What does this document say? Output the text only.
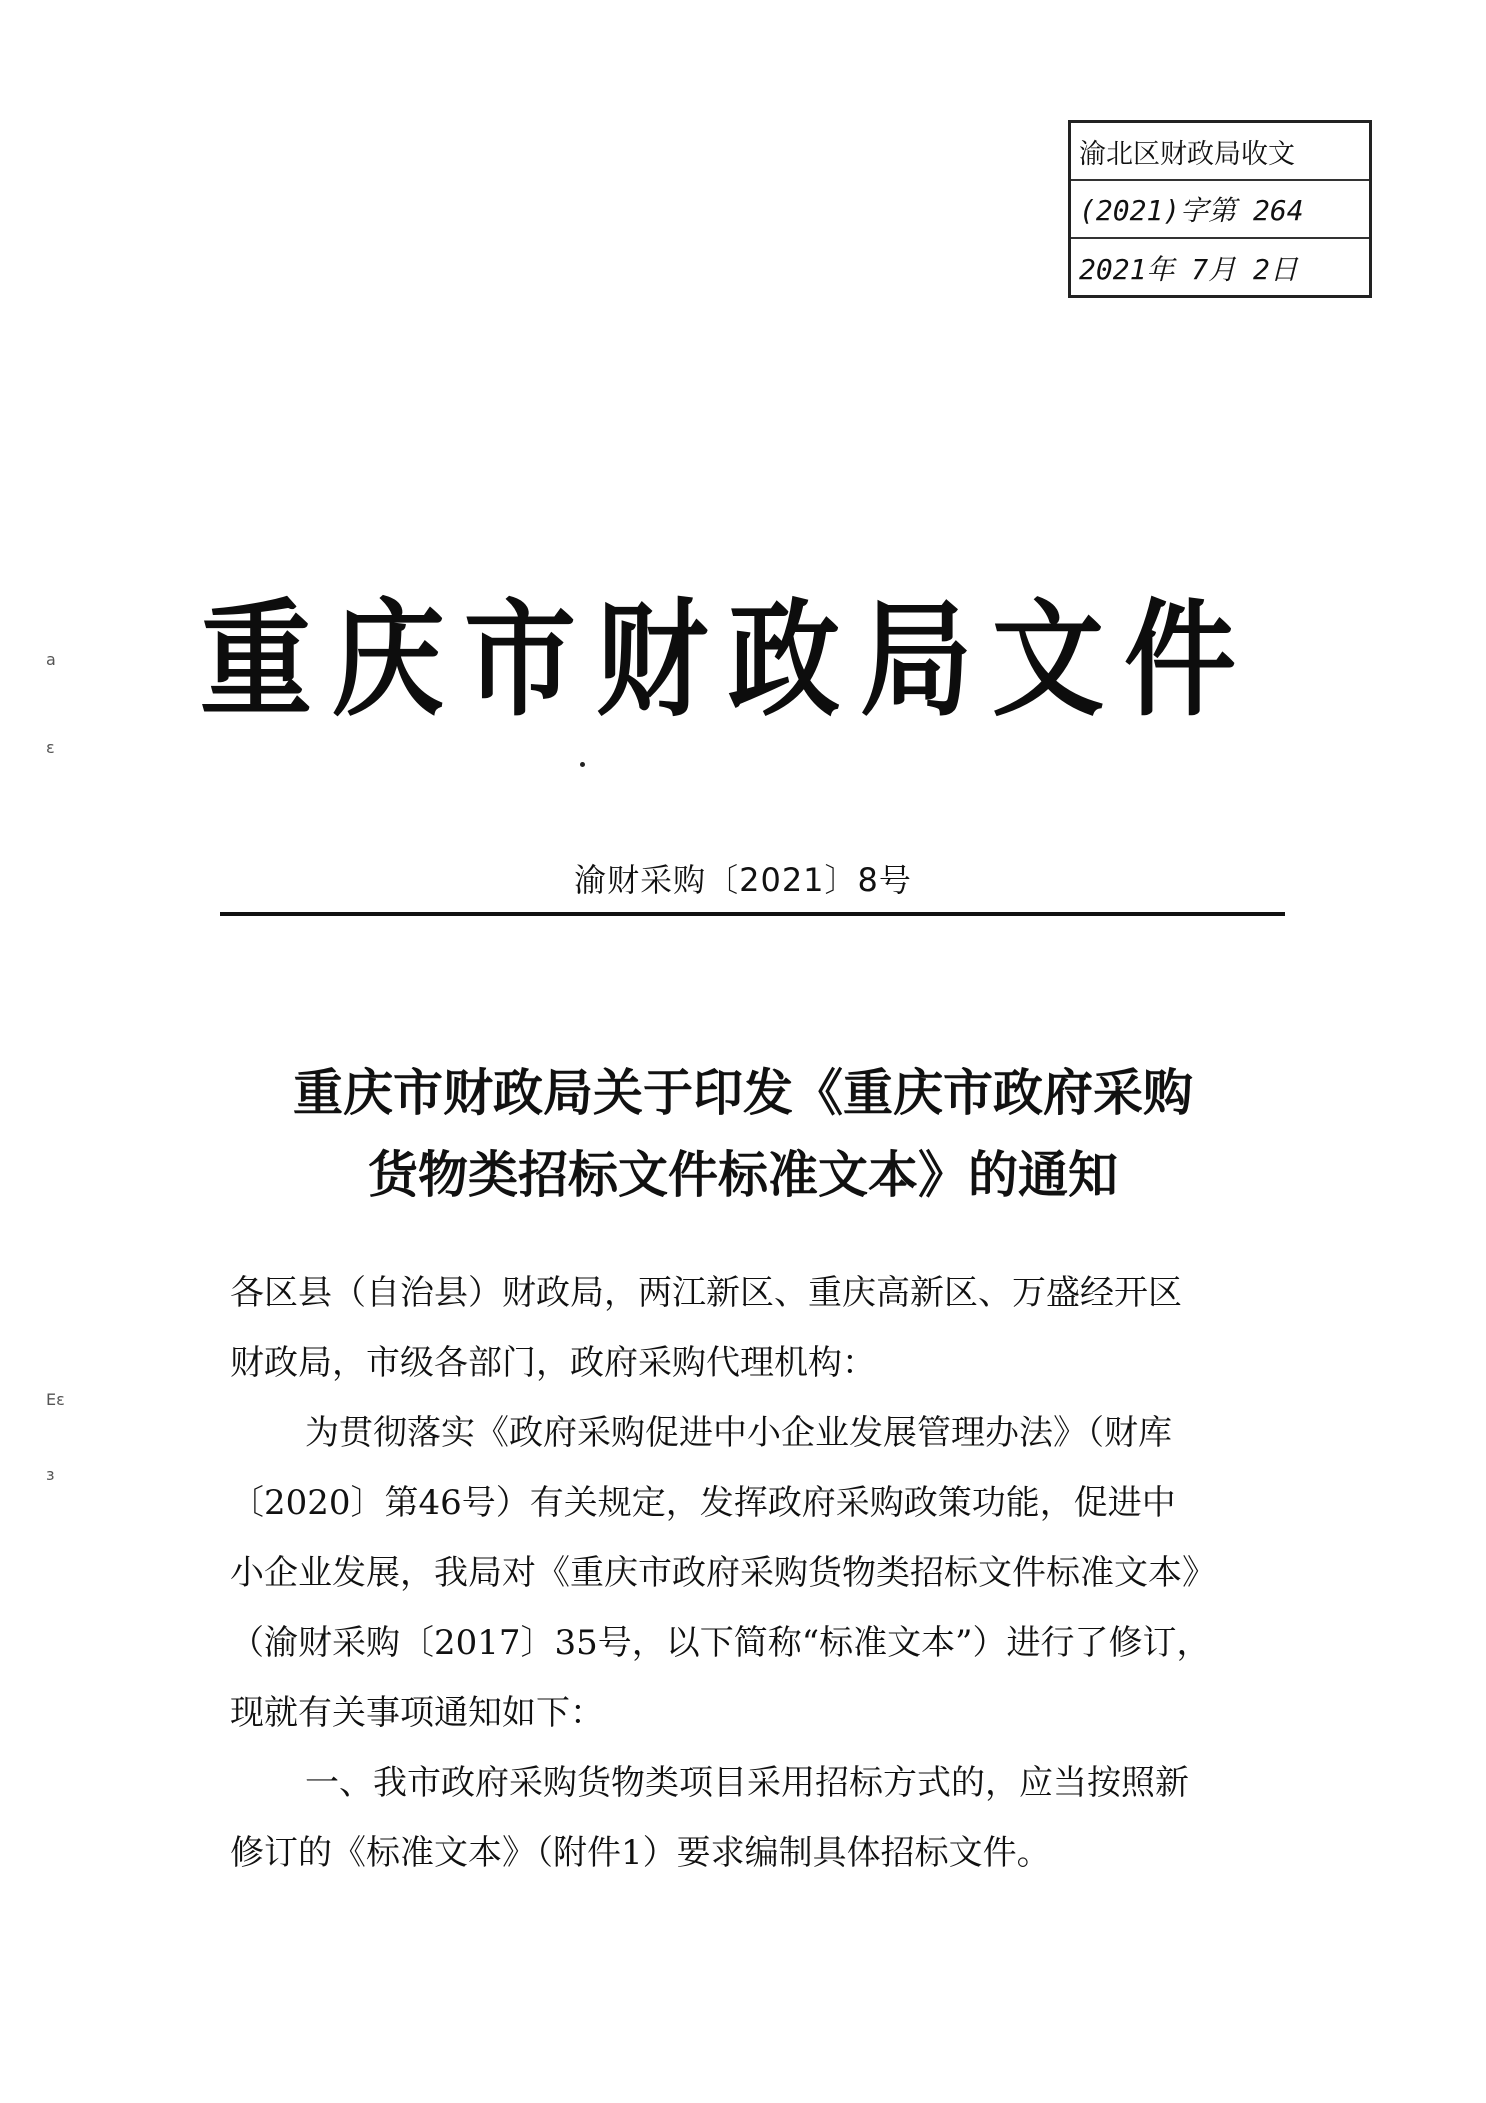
渝北区财政局收文
(2021)字第 264
2021年 7月 2日
a
ɛ
Eɛ
ɜ
重庆市财政局文件
渝财采购〔2021〕8号
重庆市财政局关于印发《重庆市政府采购
货物类招标文件标准文本》的通知
各区县（自治县）财政局，两江新区、重庆高新区、万盛经开区
财政局，市级各部门，政府采购代理机构：
为贯彻落实《政府采购促进中小企业发展管理办法》（财库
〔2020〕第46号）有关规定，发挥政府采购政策功能，促进中
小企业发展，我局对《重庆市政府采购货物类招标文件标准文本》
（渝财采购〔2017〕35号，以下简称“标准文本”）进行了修订，
现就有关事项通知如下：
一、我市政府采购货物类项目采用招标方式的，应当按照新
修订的《标准文本》（附件1）要求编制具体招标文件。
